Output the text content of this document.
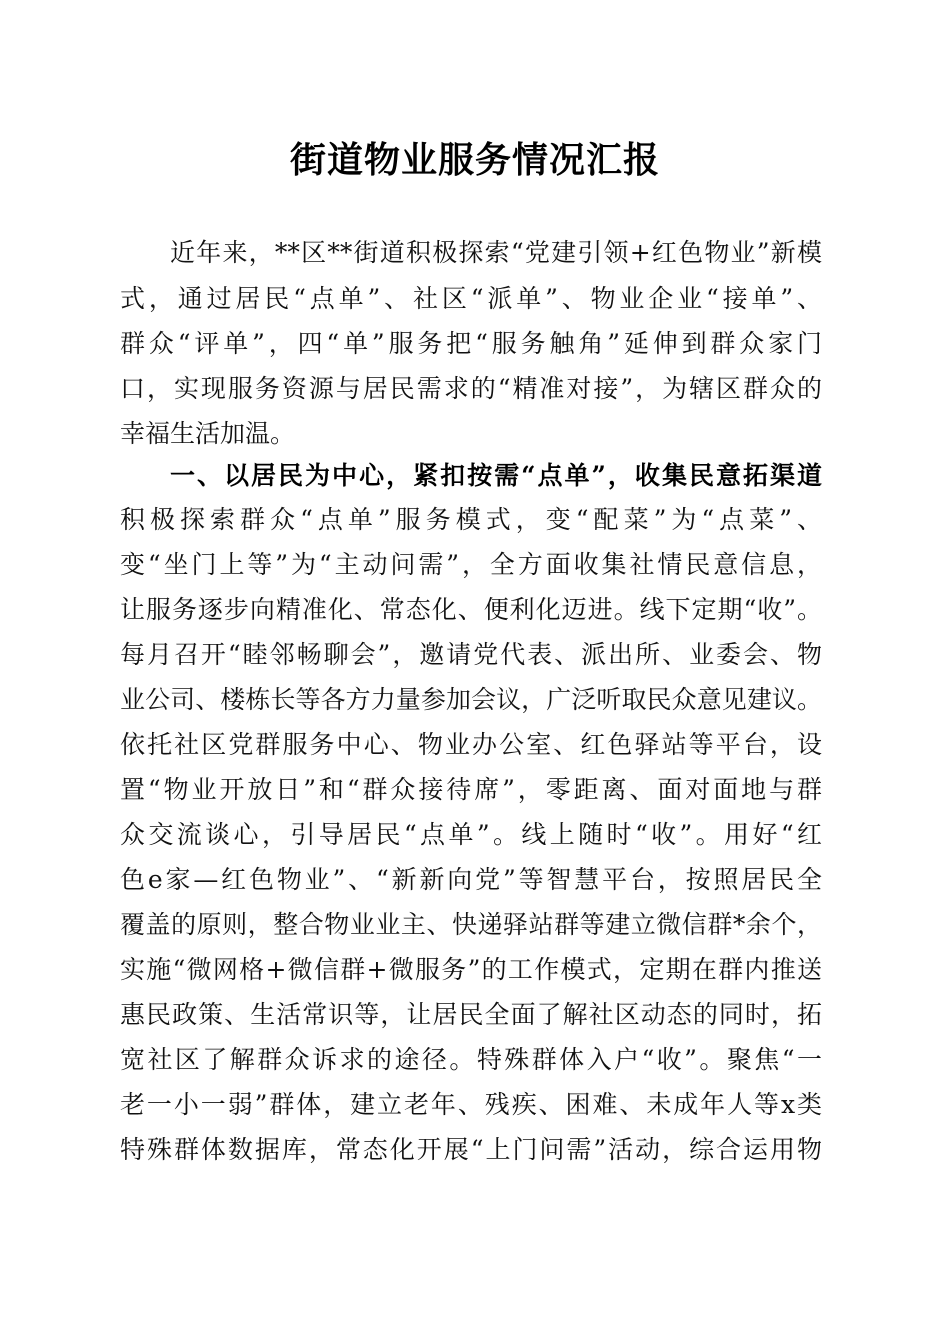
街道物业服务情况汇报
近年来，**区**街道积极探索“党建引领+红色物业”新模
式，通过居民“点单”、社区“派单”、物业企业“接单”、
群众“评单”，四“单”服务把“服务触角”延伸到群众家门
口，实现服务资源与居民需求的“精准对接”，为辖区群众的
幸福生活加温。
一、以居民为中心，紧扣按需“点单”，收集民意拓渠道
积极探索群众“点单”服务模式，变“配菜”为“点菜”、
变“坐门上等”为“主动问需”，全方面收集社情民意信息，
让服务逐步向精准化、常态化、便利化迈进。线下定期“收”。
每月召开“睦邻畅聊会”，邀请党代表、派出所、业委会、物
业公司、楼栋长等各方力量参加会议，广泛听取民众意见建议。
依托社区党群服务中心、物业办公室、红色驿站等平台，设
置“物业开放日”和“群众接待席”，零距离、面对面地与群
众交流谈心，引导居民“点单”。线上随时“收”。用好“红
色e家—红色物业”、“新新向党”等智慧平台，按照居民全
覆盖的原则，整合物业业主、快递驿站群等建立微信群*余个，
实施“微网格+微信群+微服务”的工作模式，定期在群内推送
惠民政策、生活常识等，让居民全面了解社区动态的同时，拓
宽社区了解群众诉求的途径。特殊群体入户“收”。聚焦“一
老一小一弱”群体，建立老年、残疾、困难、未成年人等x类
特殊群体数据库，常态化开展“上门问需”活动，综合运用物
